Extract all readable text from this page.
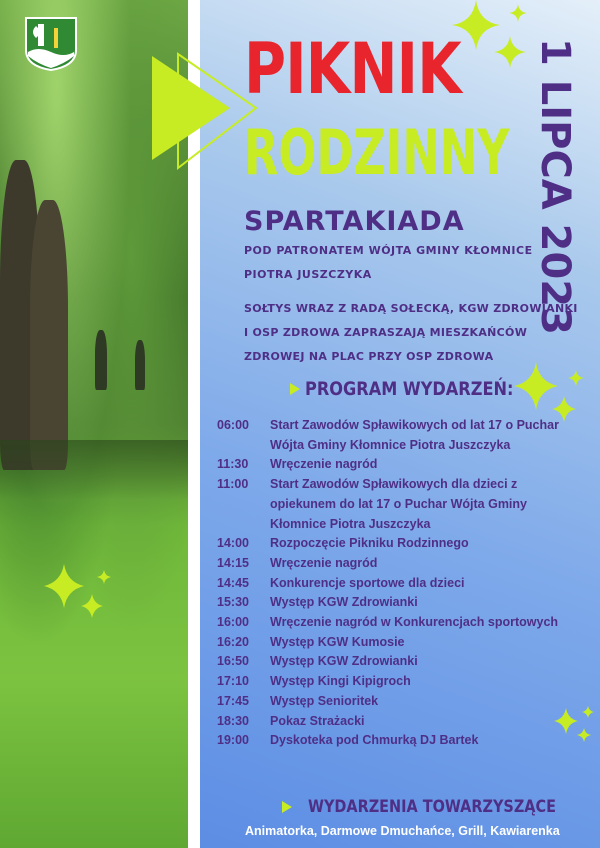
PIKNIK
RODZINNY 1 LIPCA 2023
SPARTAKIADA
POD PATRONATEM WÓJTA GMINY KŁOMNICE
PIOTRA JUSZCZYKA
SOŁTYS WRAZ Z RADĄ SOŁECKĄ, KGW ZDROWIANKI
I OSP ZDROWA ZAPRASZAJĄ MIESZKAŃCÓW
ZDROWEJ NA PLAC PRZY OSP ZDROWA
PROGRAM WYDARZEŃ:
06:00	Start Zawodów Spławikowych od lat 17 o Puchar Wójta Gminy Kłomnice Piotra Juszczyka
11:30	Wręczenie nagród
11:00	Start Zawodów Spławikowych dla dzieci z opiekunem do lat 17 o Puchar Wójta Gminy Kłomnice Piotra Juszczyka
14:00	Rozpoczęcie Pikniku Rodzinnego
14:15	Wręczenie nagród
14:45	Konkurencje sportowe dla dzieci
15:30	Występ KGW Zdrowianki
16:00	Wręczenie nagród w Konkurencjach sportowych
16:20	Występ KGW Kumosie
16:50	Występ KGW Zdrowianki
17:10	Występ Kingi Kipigroch
17:45	Występ Senioritek
18:30	Pokaz Strażacki
19:00	Dyskoteka pod Chmurką DJ Bartek
WYDARZENIA TOWARZYSZĄCE
Animatorka, Darmowe Dmuchańce, Grill, Kawiarenka
